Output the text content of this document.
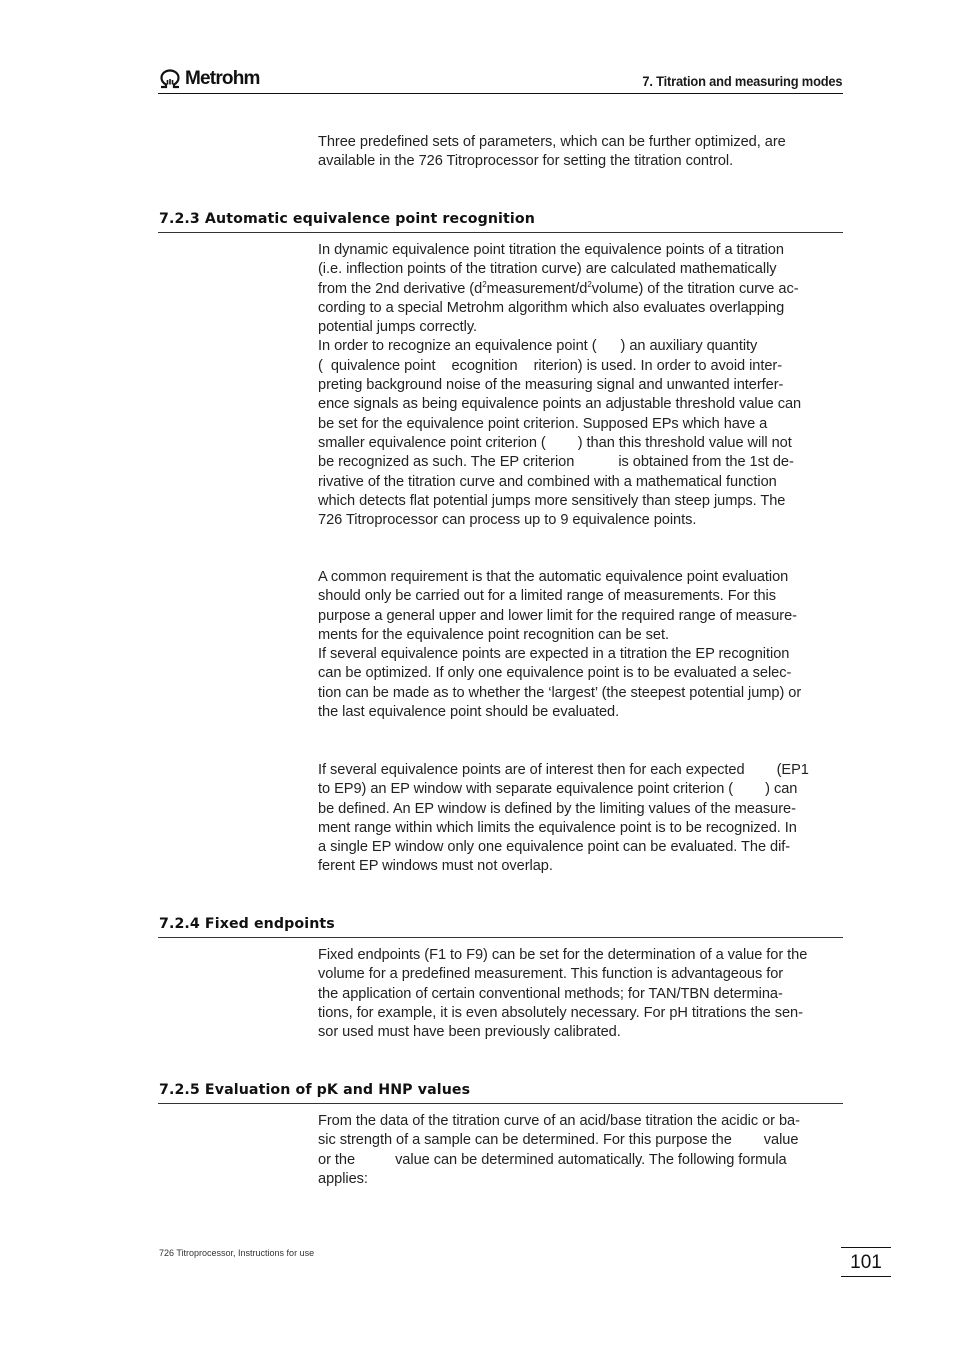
Metrohm	7. Titration and measuring modes
Three predefined sets of parameters, which can be further optimized, are
available in the 726 Titroprocessor for setting the titration control.
7.2.3 Automatic equivalence point recognition
In dynamic equivalence point titration the equivalence points of a titration
(i.e. inflection points of the titration curve) are calculated mathematically
from the 2nd derivative $(d^2measurement/d^2volume)$ of the titration curve ac-
cording to a special Metrohm algorithm which also evaluates overlapping
potential jumps correctly.
In order to recognize an equivalence point (      ) an auxiliary quantity
(  quivalence point    ecognition    riterion) is used. In order to avoid inter-
preting background noise of the measuring signal and unwanted interfer-
ence signals as being equivalence points an adjustable threshold value can
be set for the equivalence point criterion. Supposed EPs which have a
smaller equivalence point criterion (        ) than this threshold value will not
be recognized as such. The EP criterion           is obtained from the 1st de-
rivative of the titration curve and combined with a mathematical function
which detects flat potential jumps more sensitively than steep jumps. The
726 Titroprocessor can process up to 9 equivalence points.
A common requirement is that the automatic equivalence point evaluation
should only be carried out for a limited range of measurements. For this
purpose a general upper and lower limit for the required range of measure-
ments for the equivalence point recognition can be set.
If several equivalence points are expected in a titration the EP recognition
can be optimized. If only one equivalence point is to be evaluated a selec-
tion can be made as to whether the ‘largest’ (the steepest potential jump) or
the last equivalence point should be evaluated.
If several equivalence points are of interest then for each expected        (EP1
to EP9) an EP window with separate equivalence point criterion (        ) can
be defined. An EP window is defined by the limiting values of the measure-
ment range within which limits the equivalence point is to be recognized. In
a single EP window only one equivalence point can be evaluated. The dif-
ferent EP windows must not overlap.
7.2.4 Fixed endpoints
Fixed endpoints (F1 to F9) can be set for the determination of a value for the
volume for a predefined measurement. This function is advantageous for
the application of certain conventional methods; for TAN/TBN determina-
tions, for example, it is even absolutely necessary. For pH titrations the sen-
sor used must have been previously calibrated.
7.2.5 Evaluation of pK and HNP values
From the data of the titration curve of an acid/base titration the acidic or ba-
sic strength of a sample can be determined. For this purpose the        value
or the          value can be determined automatically. The following formula
applies:
726 Titroprocessor, Instructions for use	101
